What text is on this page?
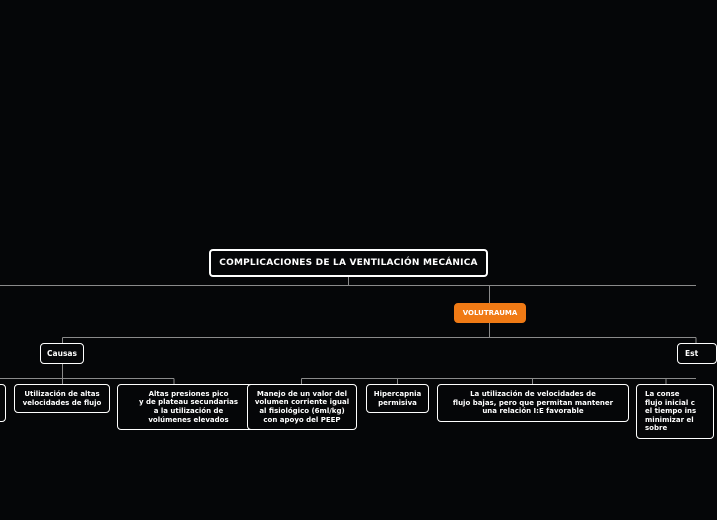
COMPLICACIONES DE LA VENTILACIÓN MECÁNICA
VOLUTRAUMA
Causas	Est
Utilización de altas
velocidades de flujo
Altas presiones pico
y de plateau secundarias
a la utilización de
volúmenes elevados
Manejo de un valor del
volumen corriente igual
al fisiológico (6ml/kg)
con apoyo del PEEP
Hipercapnia
permisiva
La utilización de velocidades de
flujo bajas, pero que permitan mantener
una relación I:E favorable
La conse
flujo inicial c
el tiempo ins
minimizar el
sobre
